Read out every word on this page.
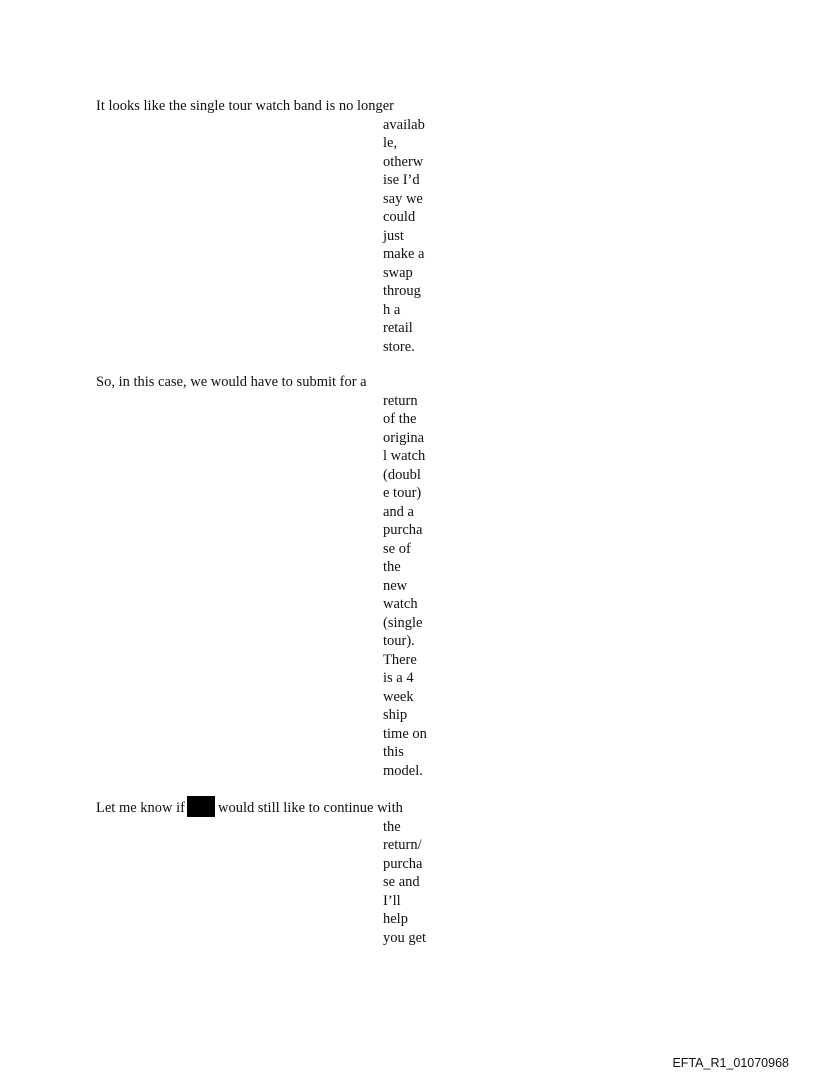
It looks like the single tour watch band is no longer
availab
le,
otherw
ise I’d
say we
could
just
make a
swap
throug
h a
retail
store.
So, in this case, we would have to submit for a
return
of the
origina
l watch
(doubl
e tour)
and a
purcha
se of
the
new
watch
(single
tour).
There
is a 4
week
ship
time on
this
model.
Let me know if would still like to continue with
the
return/
purcha
se and
I’ll
help
you get
EFTA_R1_01070968
